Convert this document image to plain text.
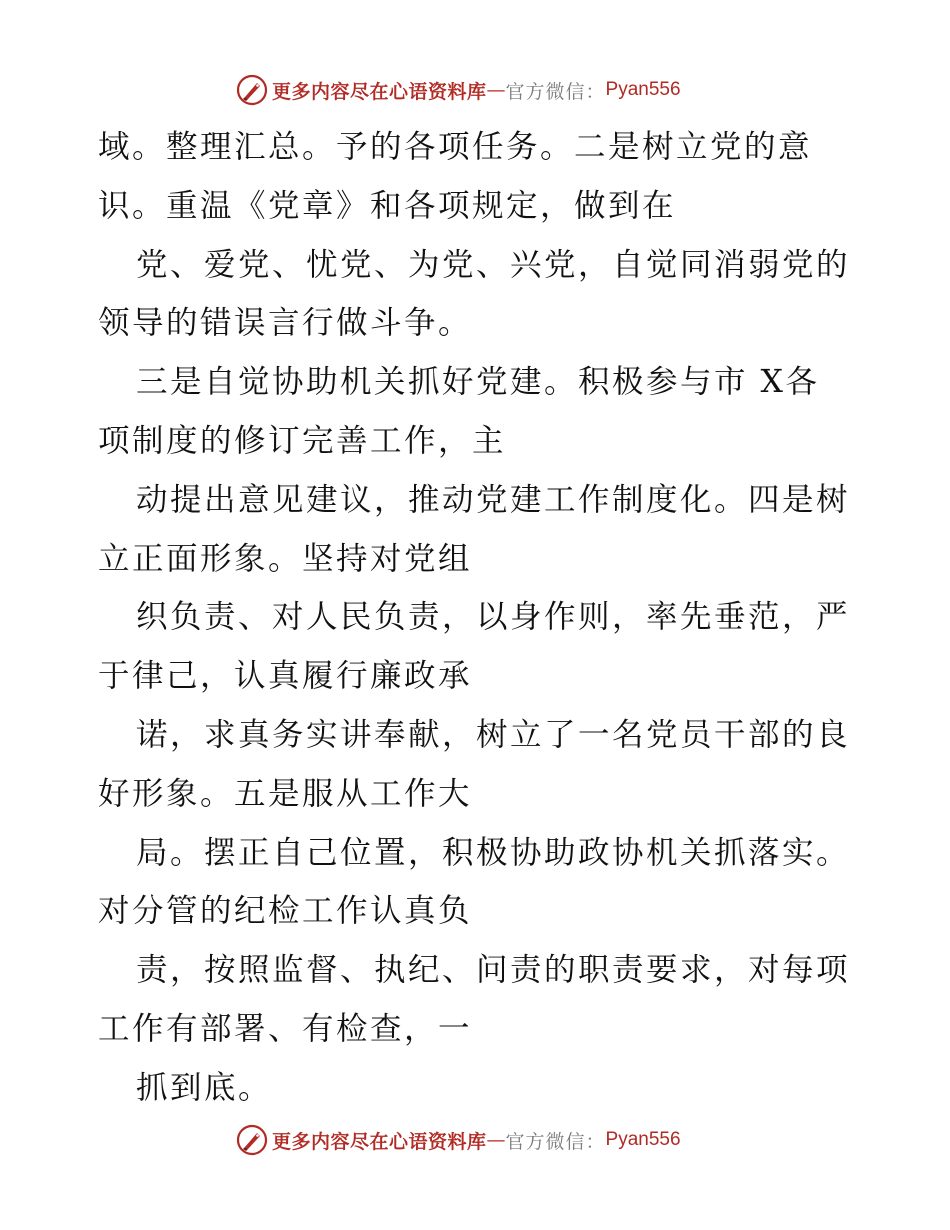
更多内容尽在心语资料库 — 官方微信： Pyan556
域。整理汇总。予的各项任务。二是树立党的意
识。重温《党章》和各项规定，做到在
党、爱党、忧党、为党、兴党，自觉同消弱党的
领导的错误言行做斗争。
三是自觉协助机关抓好党建。积极参与市 X各
项制度的修订完善工作，主
动提出意见建议，推动党建工作制度化。四是树
立正面形象。坚持对党组
织负责、对人民负责，以身作则，率先垂范，严
于律己，认真履行廉政承
诺，求真务实讲奉献，树立了一名党员干部的良
好形象。五是服从工作大
局。摆正自己位置，积极协助政协机关抓落实。
对分管的纪检工作认真负
责，按照监督、执纪、问责的职责要求，对每项
工作有部署、有检查，一
抓到底。
更多内容尽在心语资料库 — 官方微信： Pyan556
